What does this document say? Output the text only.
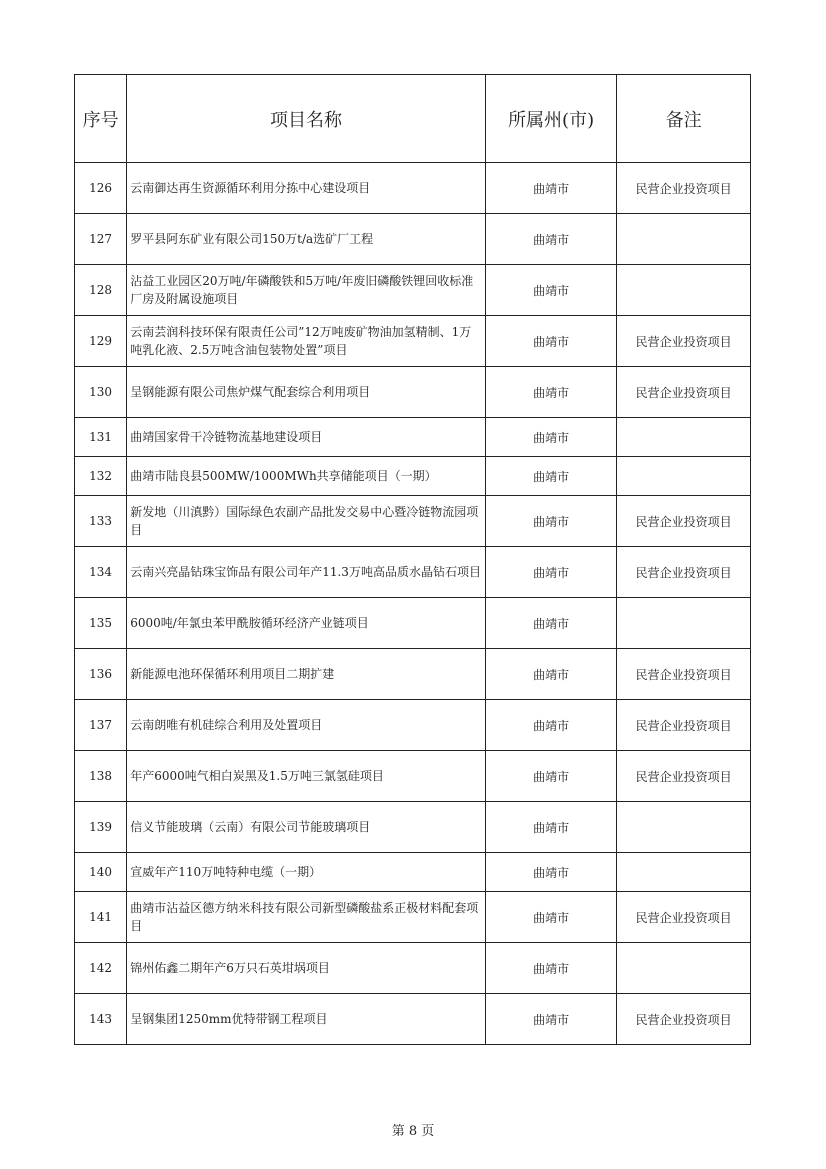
序号	项目名称	所属州(市)	备注
126	云南御达再生资源循环利用分拣中心建设项目	曲靖市	民营企业投资项目
127	罗平县阿东矿业有限公司150万t/a选矿厂工程	曲靖市	
128	沾益工业园区20万吨/年磷酸铁和5万吨/年废旧磷酸铁锂回收标准厂房及附属设施项目	曲靖市	
129	云南芸润科技环保有限责任公司”12万吨废矿物油加氢精制、1万吨乳化液、2.5万吨含油包装物处置”项目	曲靖市	民营企业投资项目
130	呈钢能源有限公司焦炉煤气配套综合利用项目	曲靖市	民营企业投资项目
131	曲靖国家骨干冷链物流基地建设项目	曲靖市	
132	曲靖市陆良县500MW/1000MWh共享储能项目（一期）	曲靖市	
133	新发地（川滇黔）国际绿色农副产品批发交易中心暨冷链物流园项目	曲靖市	民营企业投资项目
134	云南兴亮晶钻珠宝饰品有限公司年产11.3万吨高品质水晶钻石项目	曲靖市	民营企业投资项目
135	6000吨/年氯虫苯甲酰胺循环经济产业链项目	曲靖市	
136	新能源电池环保循环利用项目二期扩建	曲靖市	民营企业投资项目
137	云南朗唯有机硅综合利用及处置项目	曲靖市	民营企业投资项目
138	年产6000吨气相白炭黑及1.5万吨三氯氢硅项目	曲靖市	民营企业投资项目
139	信义节能玻璃（云南）有限公司节能玻璃项目	曲靖市	
140	宣威年产110万吨特种电缆（一期）	曲靖市	
141	曲靖市沾益区德方纳米科技有限公司新型磷酸盐系正极材料配套项目	曲靖市	民营企业投资项目
142	锦州佑鑫二期年产6万只石英坩埚项目	曲靖市	
143	呈钢集团1250mm优特带钢工程项目	曲靖市	民营企业投资项目
第 8 页
